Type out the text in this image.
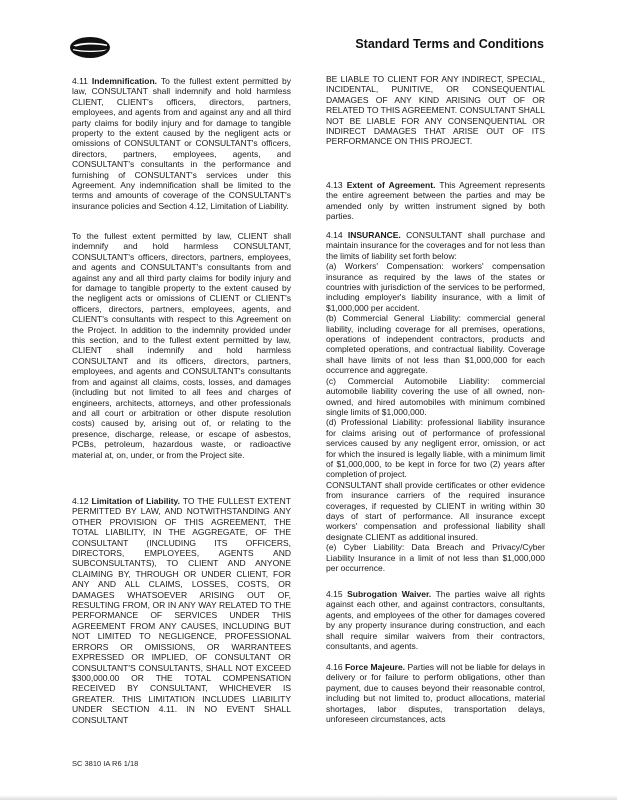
Standard Terms and Conditions
4.11 Indemnification. To the fullest extent permitted by law, CONSULTANT shall indemnify and hold harmless CLIENT, CLIENT's officers, directors, partners, employees, and agents from and against any and all third party claims for bodily injury and for damage to tangible property to the extent caused by the negligent acts or omissions of CONSULTANT or CONSULTANT's officers, directors, partners, employees, agents, and CONSULTANT's consultants in the performance and furnishing of CONSULTANT's services under this Agreement. Any indemnification shall be limited to the terms and amounts of coverage of the CONSULTANT's insurance policies and Section 4.12, Limitation of Liability.
To the fullest extent permitted by law, CLIENT shall indemnify and hold harmless CONSULTANT, CONSULTANT's officers, directors, partners, employees, and agents and CONSULTANT's consultants from and against any and all third party claims for bodily injury and for damage to tangible property to the extent caused by the negligent acts or omissions of CLIENT or CLIENT's officers, directors, partners, employees, agents, and CLIENT's consultants with respect to this Agreement on the Project. In addition to the indemnity provided under this section, and to the fullest extent permitted by law, CLIENT shall indemnify and hold harmless CONSULTANT and its officers, directors, partners, employees, and agents and CONSULTANT's consultants from and against all claims, costs, losses, and damages (including but not limited to all fees and charges of engineers, architects, attorneys, and other professionals and all court or arbitration or other dispute resolution costs) caused by, arising out of, or relating to the presence, discharge, release, or escape of asbestos, PCBs, petroleum, hazardous waste, or radioactive material at, on, under, or from the Project site.
4.12 Limitation of Liability. TO THE FULLEST EXTENT PERMITTED BY LAW, AND NOTWITHSTANDING ANY OTHER PROVISION OF THIS AGREEMENT, THE TOTAL LIABILITY, IN THE AGGREGATE, OF THE CONSULTANT (INCLUDING ITS OFFICERS, DIRECTORS, EMPLOYEES, AGENTS AND SUBCONSULTANTS), TO CLIENT AND ANYONE CLAIMING BY, THROUGH OR UNDER CLIENT, FOR ANY AND ALL CLAIMS, LOSSES, COSTS, OR DAMAGES WHATSOEVER ARISING OUT OF, RESULTING FROM, OR IN ANY WAY RELATED TO THE PERFORMANCE OF SERVICES UNDER THIS AGREEMENT FROM ANY CAUSES, INCLUDING BUT NOT LIMITED TO NEGLIGENCE, PROFESSIONAL ERRORS OR OMISSIONS, OR WARRANTEES EXPRESSED OR IMPLIED, OF CONSULTANT OR CONSULTANT'S CONSULTANTS, SHALL NOT EXCEED $300,000.00 OR THE TOTAL COMPENSATION RECEIVED BY CONSULTANT, WHICHEVER IS GREATER. THIS LIMITATION INCLUDES LIABILITY UNDER SECTION 4.11. IN NO EVENT SHALL CONSULTANT
BE LIABLE TO CLIENT FOR ANY INDIRECT, SPECIAL, INCIDENTAL, PUNITIVE, OR CONSEQUENTIAL DAMAGES OF ANY KIND ARISING OUT OF OR RELATED TO THIS AGREEMENT. CONSULTANT SHALL NOT BE LIABLE FOR ANY CONSENQUENTIAL OR INDIRECT DAMAGES THAT ARISE OUT OF ITS PERFORMANCE ON THIS PROJECT.
4.13 Extent of Agreement. This Agreement represents the entire agreement between the parties and may be amended only by written instrument signed by both parties.
4.14 INSURANCE. CONSULTANT shall purchase and maintain insurance for the coverages and for not less than the limits of liability set forth below:
(a) Workers' Compensation: workers' compensation insurance as required by the laws of the states or countries with jurisdiction of the services to be performed, including employer's liability insurance, with a limit of $1,000,000 per accident.
(b) Commercial General Liability: commercial general liability, including coverage for all premises, operations, operations of independent contractors, products and completed operations, and contractual liability. Coverage shall have limits of not less than $1,000,000 for each occurrence and aggregate.
(c) Commercial Automobile Liability: commercial automobile liability covering the use of all owned, non-owned, and hired automobiles with minimum combined single limits of $1,000,000.
(d) Professional Liability: professional liability insurance for claims arising out of performance of professional services caused by any negligent error, omission, or act for which the insured is legally liable, with a minimum limit of $1,000,000, to be kept in force for two (2) years after completion of project.
CONSULTANT shall provide certificates or other evidence from insurance carriers of the required insurance coverages, if requested by CLIENT in writing within 30 days of start of performance. All insurance except workers' compensation and professional liability shall designate CLIENT as additional insured.
(e) Cyber Liability: Data Breach and Privacy/Cyber Liability Insurance in a limit of not less than $1,000,000 per occurrence.
4.15 Subrogation Waiver. The parties waive all rights against each other, and against contractors, consultants, agents, and employees of the other for damages covered by any property insurance during construction, and each shall require similar waivers from their contractors, consultants, and agents.
4.16 Force Majeure. Parties will not be liable for delays in delivery or for failure to perform obligations, other than payment, due to causes beyond their reasonable control, including but not limited to, product allocations, material shortages, labor disputes, transportation delays, unforeseen circumstances, acts
SC 3810 IA R6 1/18
